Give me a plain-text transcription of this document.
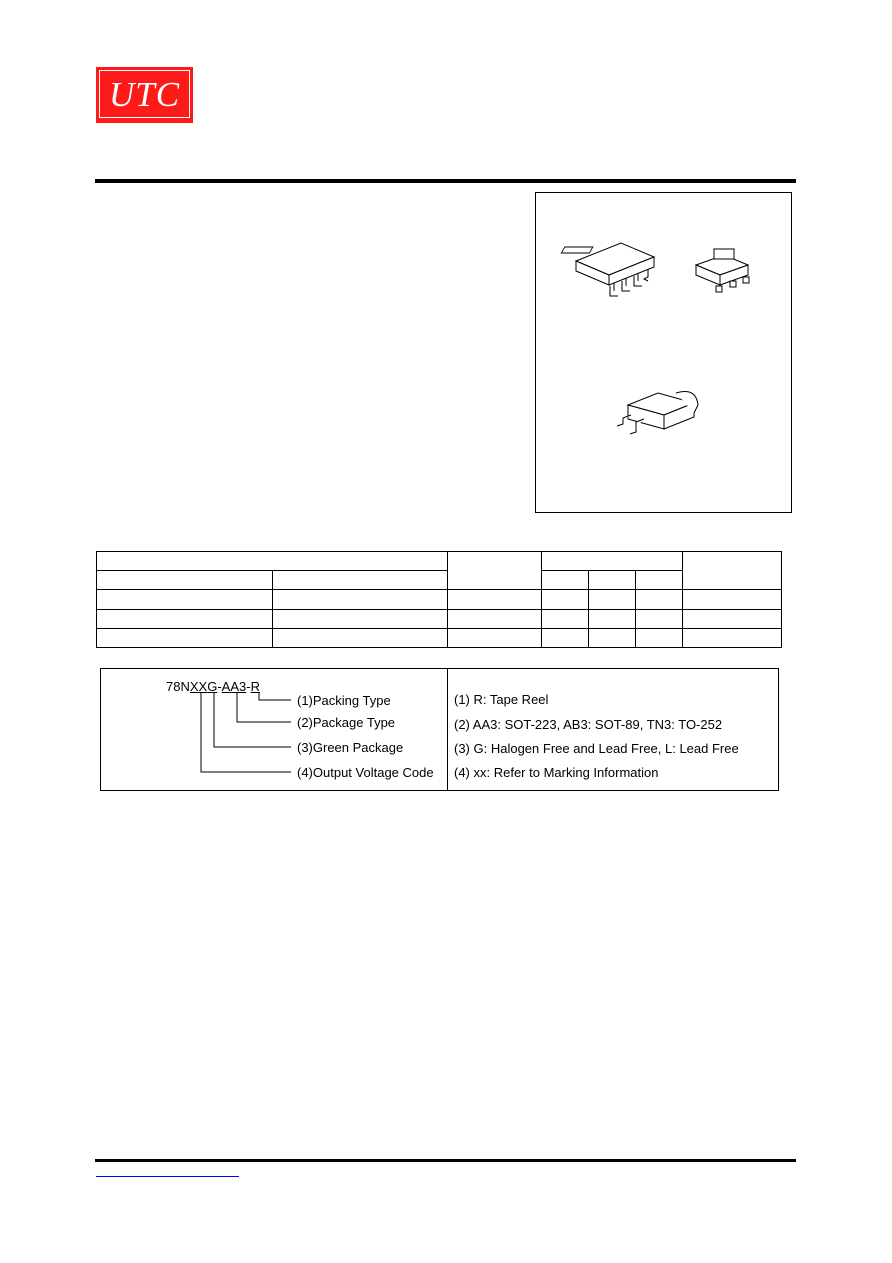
UTC

78NXXG-AA3-R
(1)Packing Type
(2)Package Type
(3)Green Package
(4)Output Voltage Code
(1) R: Tape Reel
(2) AA3: SOT-223, AB3: SOT-89, TN3: TO-252
(3) G: Halogen Free and Lead Free, L: Lead Free
(4) xx: Refer to Marking Information
